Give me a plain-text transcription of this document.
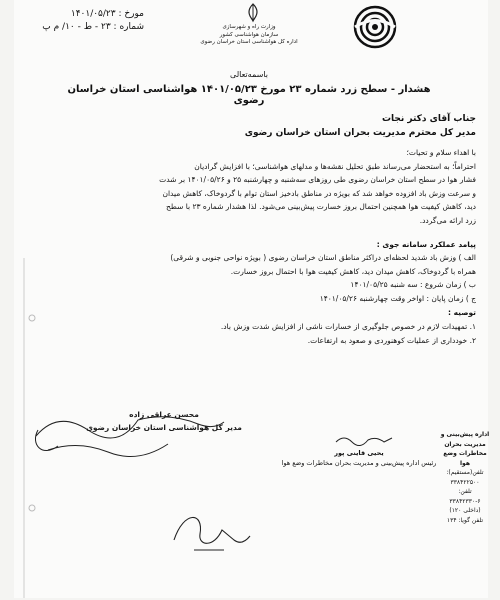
مورخ : ۱۴۰۱/۰۵/۲۳
شماره : ۲۳ - ط - ۱۰/ م پ	وزارت راه و شهرسازی
سازمان هواشناسی کشور
اداره کل هواشناسی استان خراسان رضوی
باسمه‌تعالی
هشدار - سطح زرد شماره ۲۳ مورخ ۱۴۰۱/۰۵/۲۳ هواشناسی استان خراسان رضوی
جناب آقای دکتر نجات
مدیر کل محترم مدیریت بحران استان خراسان رضوی
با اهداء سلام و تحیات؛
احتراماً؛ به استحضار می‌رساند طبق تحلیل نقشه‌ها و مدلهای هواشناسی؛ با افزایش گرادیان
فشار هوا در سطح استان خراسان رضوی طی روزهای سه‌شنبه و چهارشنبه ۲۵ و ۱۴۰۱/۰۵/۲۶ بر شدت
و سرعت وزش باد افزوده خواهد شد که بویژه در مناطق بادخیز استان توام با گردوخاک، کاهش میدان
دید، کاهش کیفیت هوا همچنین احتمال بروز خسارت پیش‌بینی می‌شود. لذا هشدار شماره ۲۳ با سطح
زرد ارائه می‌گردد.
پیامد عملکرد سامانه جوی :
الف ) وزش باد شدید لحظه‌ای دراکثر مناطق استان خراسان رضوی ( بویژه نواحی جنوبی و شرقی)
همراه با گردوخاک، کاهش میدان دید، کاهش کیفیت هوا با احتمال بروز خسارت.
ب ) زمان شروع : سه شنبه ۱۴۰۱/۰۵/۲۵
ج ) زمان پایان : اواخر وقت چهارشنبه ۱۴۰۱/۰۵/۲۶
توصیه :
۱. تمهیدات لازم در خصوص جلوگیری از خسارات ناشی از افزایش شدت وزش باد.
۲. خودداری از عملیات کوهنوردی و صعود به ارتفاعات.
یحیی قاینی پور
رئیس اداره پیش‌بینی و مدیریت بحران مخاطرات وضع هوا
محسن عراقی زاده
مدیر کل هواشناسی استان خراسان رضوی
اداره پیش‌بینی و
مدیریت بحران
مخاطرات وضع
هوا
تلفن(مستقیم):
۳۳۸۴۲۲۵۰۰
تلفن:
۳۳۸۴۲۳۳۰-۶
(داخلی ۱۲۰)
تلفن گویا: ۱۳۴
